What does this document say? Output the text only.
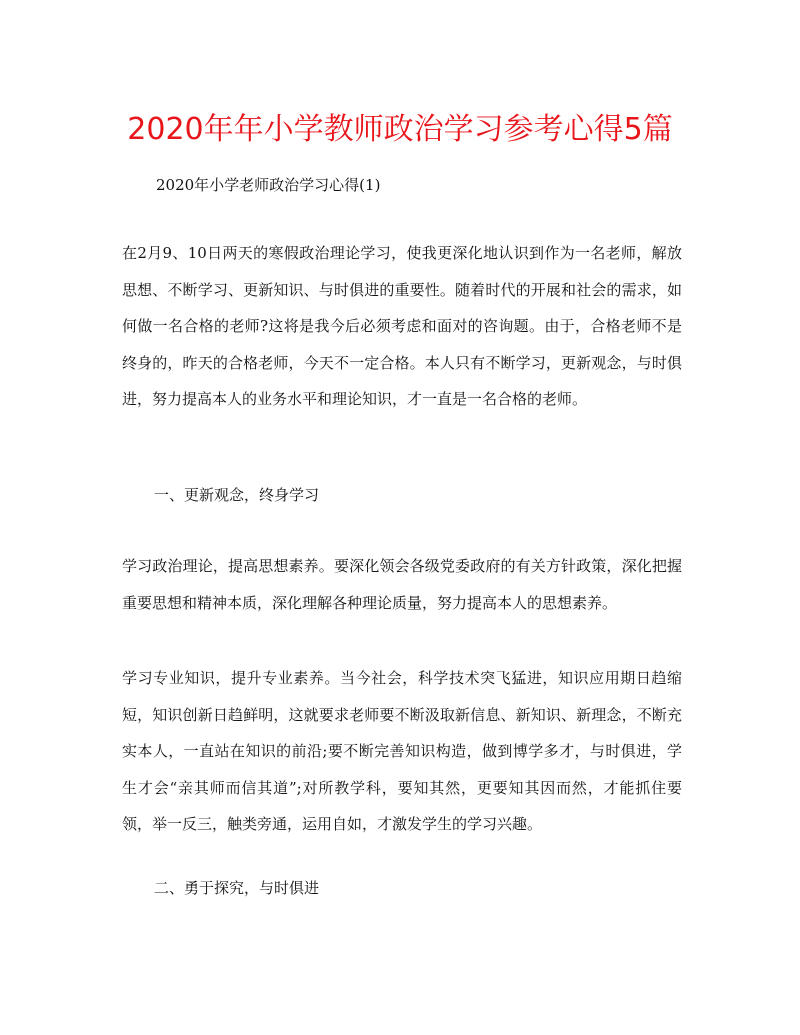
2020年年小学教师政治学习参考心得5篇
2020年小学老师政治学习心得(1)
在2月9、10日两天的寒假政治理论学习，使我更深化地认识到作为一名老师，解放思想、不断学习、更新知识、与时俱进的重要性。随着时代的开展和社会的需求，如何做一名合格的老师?这将是我今后必须考虑和面对的咨询题。由于，合格老师不是终身的，昨天的合格老师，今天不一定合格。本人只有不断学习，更新观念，与时俱进，努力提高本人的业务水平和理论知识，才一直是一名合格的老师。
一、更新观念，终身学习
学习政治理论，提高思想素养。要深化领会各级党委政府的有关方针政策，深化把握重要思想和精神本质，深化理解各种理论质量，努力提高本人的思想素养。
学习专业知识，提升专业素养。当今社会，科学技术突飞猛进，知识应用期日趋缩短，知识创新日趋鲜明，这就要求老师要不断汲取新信息、新知识、新理念，不断充实本人，一直站在知识的前沿;要不断完善知识构造，做到博学多才，与时俱进，学生才会“亲其师而信其道”;对所教学科，要知其然，更要知其因而然，才能抓住要领，举一反三，触类旁通，运用自如，才激发学生的学习兴趣。
二、勇于探究，与时俱进
